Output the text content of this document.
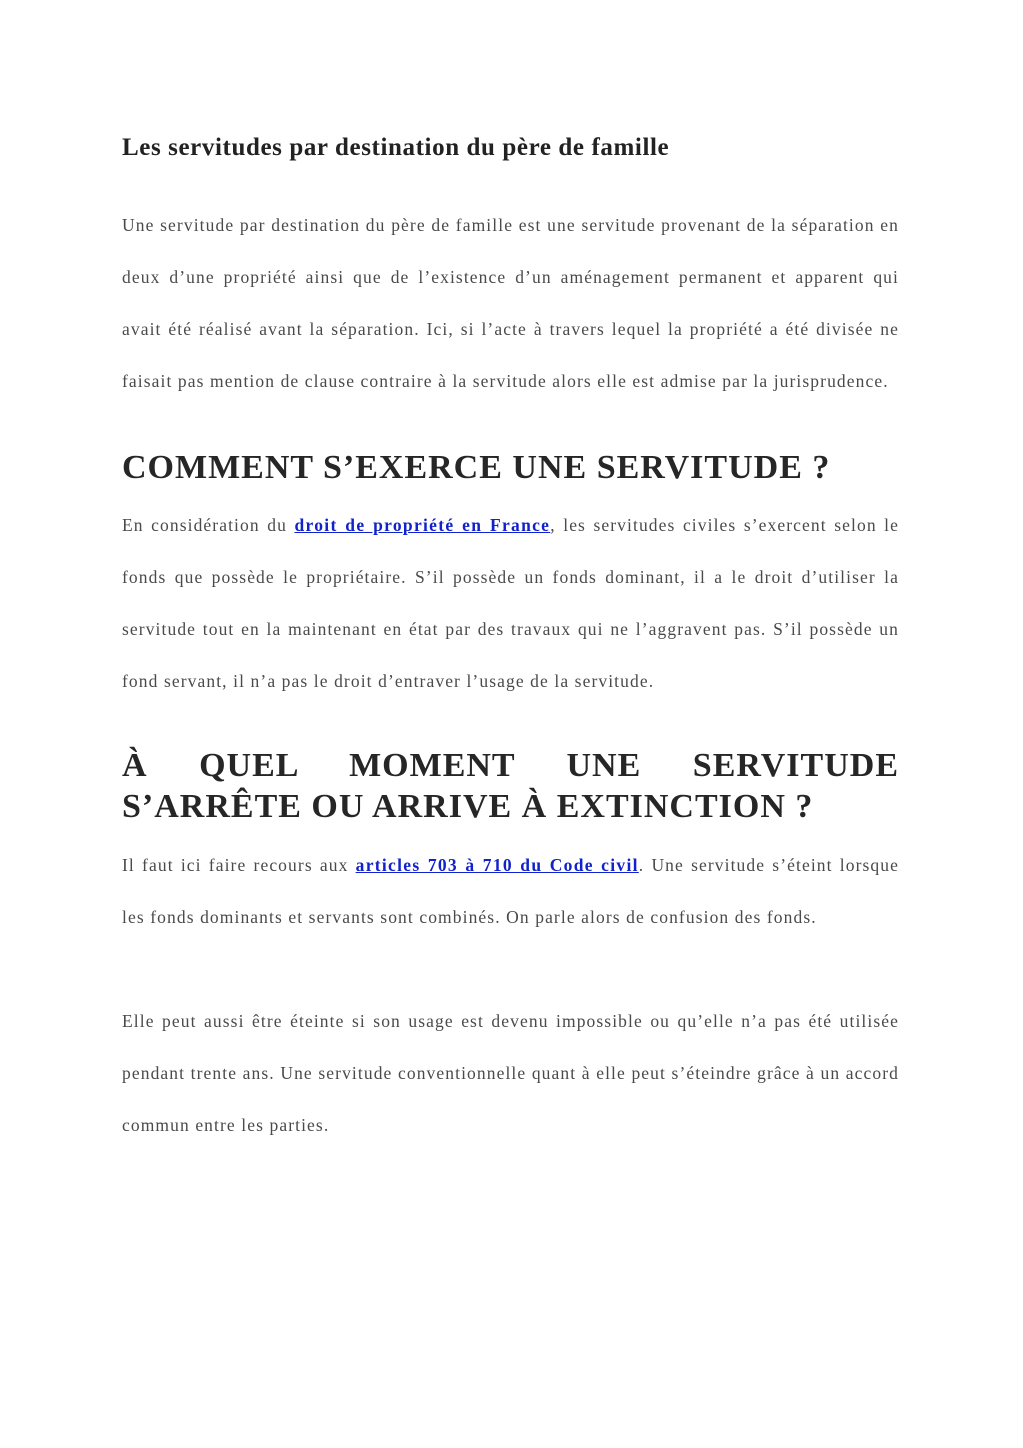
Les servitudes par destination du père de famille

Une servitude par destination du père de famille est une servitude provenant de la séparation en deux d’une propriété ainsi que de l’existence d’un aménagement permanent et apparent qui avait été réalisé avant la séparation. Ici, si l’acte à travers lequel la propriété a été divisée ne faisait pas mention de clause contraire à la servitude alors elle est admise par la jurisprudence.

COMMENT S’EXERCE UNE SERVITUDE ?

En considération du droit de propriété en France, les servitudes civiles s’exercent selon le fonds que possède le propriétaire. S’il possède un fonds dominant, il a le droit d’utiliser la servitude tout en la maintenant en état par des travaux qui ne l’aggravent pas. S’il possède un fond servant, il n’a pas le droit d’entraver l’usage de la servitude.

À QUEL MOMENT UNE SERVITUDE S’ARRÊTE OU ARRIVE À EXTINCTION ?

Il faut ici faire recours aux articles 703 à 710 du Code civil. Une servitude s’éteint lorsque les fonds dominants et servants sont combinés. On parle alors de confusion des fonds.

Elle peut aussi être éteinte si son usage est devenu impossible ou qu’elle n’a pas été utilisée pendant trente ans. Une servitude conventionnelle quant à elle peut s’éteindre grâce à un accord commun entre les parties.
